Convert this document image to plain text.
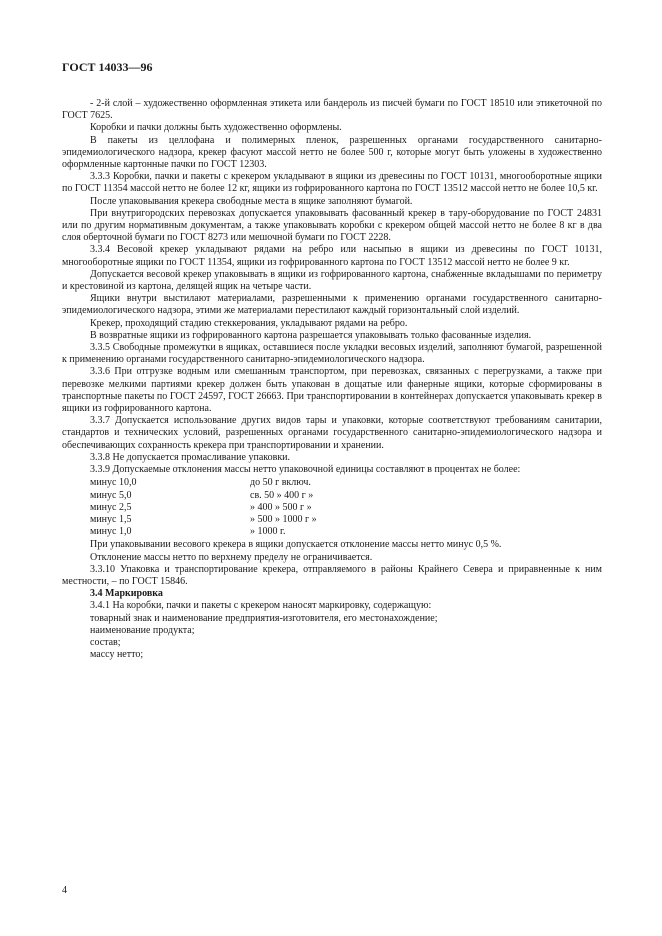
ГОСТ 14033—96

- 2-й слой – художественно оформленная этикета или бандероль из писчей бумаги по ГОСТ 18510 или этикеточной по ГОСТ 7625.

Коробки и пачки должны быть художественно оформлены.

В пакеты из целлофана и полимерных пленок, разрешенных органами государственного санитарно-эпидемиологического надзора, крекер фасуют массой нетто не более 500 г, которые могут быть уложены в художественно оформленные картонные пачки по ГОСТ 12303.

3.3.3 Коробки, пачки и пакеты с крекером укладывают в ящики из древесины по ГОСТ 10131, многооборотные ящики по ГОСТ 11354 массой нетто не более 12 кг, ящики из гофрированного картона по ГОСТ 13512 массой нетто не более 10,5 кг.

После упаковывания крекера свободные места в ящике заполняют бумагой.

При внутригородских перевозках допускается упаковывать фасованный крекер в тару-оборудование по ГОСТ 24831 или по другим нормативным документам, а также упаковывать коробки с крекером общей массой нетто не более 8 кг в два слоя оберточной бумаги по ГОСТ 8273 или мешочной бумаги по ГОСТ 2228.

3.3.4 Весовой крекер укладывают рядами на ребро или насыпью в ящики из древесины по ГОСТ 10131, многооборотные ящики по ГОСТ 11354, ящики из гофрированного картона по ГОСТ 13512 массой нетто не более 9 кг.

Допускается весовой крекер упаковывать в ящики из гофрированного картона, снабженные вкладышами по периметру и крестовиной из картона, делящей ящик на четыре части.

Ящики внутри выстилают материалами, разрешенными к применению органами государственного санитарно-эпидемиологического надзора, этими же материалами перестилают каждый горизонтальный слой изделий.

Крекер, проходящий стадию стеккерования, укладывают рядами на ребро.

В возвратные ящики из гофрированного картона разрешается упаковывать только фасованные изделия.

3.3.5 Свободные промежутки в ящиках, оставшиеся после укладки весовых изделий, заполняют бумагой, разрешенной к применению органами государственного санитарно-эпидемиологического надзора.

3.3.6 При отгрузке водным или смешанным транспортом, при перевозках, связанных с перегрузками, а также при перевозке мелкими партиями крекер должен быть упакован в дощатые или фанерные ящики, которые сформированы в транспортные пакеты по ГОСТ 24597, ГОСТ 26663. При транспортировании в контейнерах допускается упаковывать крекер в ящики из гофрированного картона.

3.3.7 Допускается использование других видов тары и упаковки, которые соответствуют требованиям санитарии, стандартов и технических условий, разрешенных органами государственного санитарно-эпидемиологического надзора и обеспечивающих сохранность крекера при транспортировании и хранении.

3.3.8 Не допускается промасливание упаковки.

3.3.9 Допускаемые отклонения массы нетто упаковочной единицы составляют в процентах не более:

минус 10,0	до 50 г включ.
минус 5,0	св. 50 » 400 г »
минус 2,5	» 400 » 500 г »
минус 1,5	» 500 » 1000 г »
минус 1,0	» 1000 г.

При упаковывании весового крекера в ящики допускается отклонение массы нетто минус 0,5 %.

Отклонение массы нетто по верхнему пределу не ограничивается.

3.3.10 Упаковка и транспортирование крекера, отправляемого в районы Крайнего Севера и приравненные к ним местности, – по ГОСТ 15846.

3.4 Маркировка

3.4.1 На коробки, пачки и пакеты с крекером наносят маркировку, содержащую:

товарный знак и наименование предприятия-изготовителя, его местонахождение;
наименование продукта;
состав;
массу нетто;
4
